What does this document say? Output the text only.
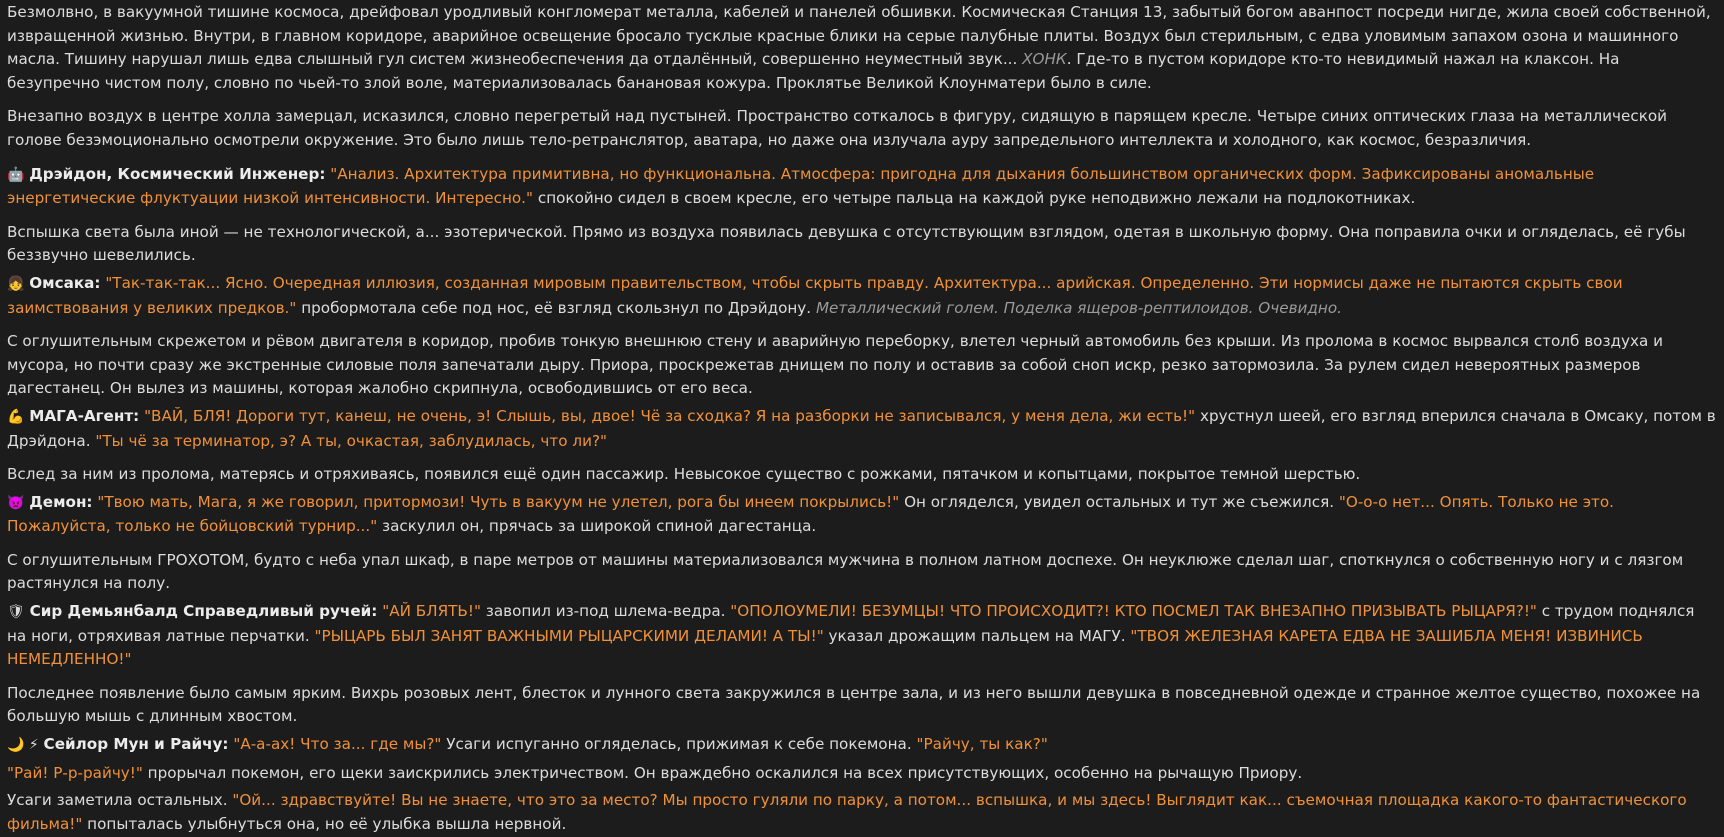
Безмолвно, в вакуумной тишине космоса, дрейфовал уродливый конгломерат металла, кабелей и панелей обшивки. Космическая Станция 13, забытый богом аванпост посреди нигде, жила своей собственной, извращенной жизнью. Внутри, в главном коридоре, аварийное освещение бросало тусклые красные блики на серые палубные плиты. Воздух был стерильным, с едва уловимым запахом озона и машинного масла. Тишину нарушал лишь едва слышный гул систем жизнеобеспечения да отдалённый, совершенно неуместный звук... ХОНК. Где-то в пустом коридоре кто-то невидимый нажал на клаксон. На безупречно чистом полу, словно по чьей-то злой воле, материализовалась банановая кожура. Проклятье Великой Клоунматери было в силе.

Внезапно воздух в центре холла замерцал, исказился, словно перегретый над пустыней. Пространство соткалось в фигуру, сидящую в парящем кресле. Четыре синих оптических глаза на металлической голове безэмоционально осмотрели окружение. Это было лишь тело-ретранслятор, аватара, но даже она излучала ауру запредельного интеллекта и холодного, как космос, безразличия.

🤖 Дрэйдон, Космический Инженер: "Анализ. Архитектура примитивна, но функциональна. Атмосфера: пригодна для дыхания большинством органических форм. Зафиксированы аномальные энергетические флуктуации низкой интенсивности. Интересно." спокойно сидел в своем кресле, его четыре пальца на каждой руке неподвижно лежали на подлокотниках.

Вспышка света была иной — не технологической, а... эзотерической. Прямо из воздуха появилась девушка с отсутствующим взглядом, одетая в школьную форму. Она поправила очки и огляделась, её губы беззвучно шевелились.

👧 Омсака: "Так-так-так... Ясно. Очередная иллюзия, созданная мировым правительством, чтобы скрыть правду. Архитектура... арийская. Определенно. Эти нормисы даже не пытаются скрыть свои заимствования у великих предков." пробормотала себе под нос, её взгляд скользнул по Дрэйдону. Металлический голем. Поделка ящеров-рептилоидов. Очевидно.

С оглушительным скрежетом и рёвом двигателя в коридор, пробив тонкую внешнюю стену и аварийную переборку, влетел черный автомобиль без крыши. Из пролома в космос вырвался столб воздуха и мусора, но почти сразу же экстренные силовые поля запечатали дыру. Приора, проскрежетав днищем по полу и оставив за собой сноп искр, резко затормозила. За рулем сидел невероятных размеров дагестанец. Он вылез из машины, которая жалобно скрипнула, освободившись от его веса.

💪 МАГА-Агент: "ВАЙ, БЛЯ! Дороги тут, канеш, не очень, э! Слышь, вы, двое! Чё за сходка? Я на разборки не записывался, у меня дела, жи есть!" хрустнул шеей, его взгляд вперился сначала в Омсаку, потом в Дрэйдона. "Ты чё за терминатор, э? А ты, очкастая, заблудилась, что ли?"

Вслед за ним из пролома, матерясь и отряхиваясь, появился ещё один пассажир. Невысокое существо с рожками, пятачком и копытцами, покрытое темной шерстью.

👿 Демон: "Твою мать, Мага, я же говорил, притормози! Чуть в вакуум не улетел, рога бы инеем покрылись!" Он огляделся, увидел остальных и тут же съежился. "О-о-о нет... Опять. Только не это. Пожалуйста, только не бойцовский турнир..." заскулил он, прячась за широкой спиной дагестанца.

С оглушительным ГРОХОТОМ, будто с неба упал шкаф, в паре метров от машины материализовался мужчина в полном латном доспехе. Он неуклюже сделал шаг, споткнулся о собственную ногу и с лязгом растянулся на полу.

🛡 Сир Демьянбалд Справедливый ручей: "АЙ БЛЯТЬ!" завопил из-под шлема-ведра. "ОПОЛОУМЕЛИ! БЕЗУМЦЫ! ЧТО ПРОИСХОДИТ?! КТО ПОСМЕЛ ТАК ВНЕЗАПНО ПРИЗЫВАТЬ РЫЦАРЯ?!" с трудом поднялся на ноги, отряхивая латные перчатки. "РЫЦАРЬ БЫЛ ЗАНЯТ ВАЖНЫМИ РЫЦАРСКИМИ ДЕЛАМИ! А ТЫ!" указал дрожащим пальцем на МАГУ. "ТВОЯ ЖЕЛЕЗНАЯ КАРЕТА ЕДВА НЕ ЗАШИБЛА МЕНЯ! ИЗВИНИСЬ НЕМЕДЛЕННО!"

Последнее появление было самым ярким. Вихрь розовых лент, блесток и лунного света закружился в центре зала, и из него вышли девушка в повседневной одежде и странное желтое существо, похожее на большую мышь с длинным хвостом.

🌙 ⚡ Сейлор Мун и Райчу: "А-а-ах! Что за... где мы?" Усаги испуганно огляделась, прижимая к себе покемона. "Райчу, ты как?"

"Рай! Р-р-райчу!" прорычал покемон, его щеки заискрились электричеством. Он враждебно оскалился на всех присутствующих, особенно на рычащую Приору.

Усаги заметила остальных. "Ой... здравствуйте! Вы не знаете, что это за место? Мы просто гуляли по парку, а потом... вспышка, и мы здесь! Выглядит как... съемочная площадка какого-то фантастического фильма!" попыталась улыбнуться она, но её улыбка вышла нервной.
